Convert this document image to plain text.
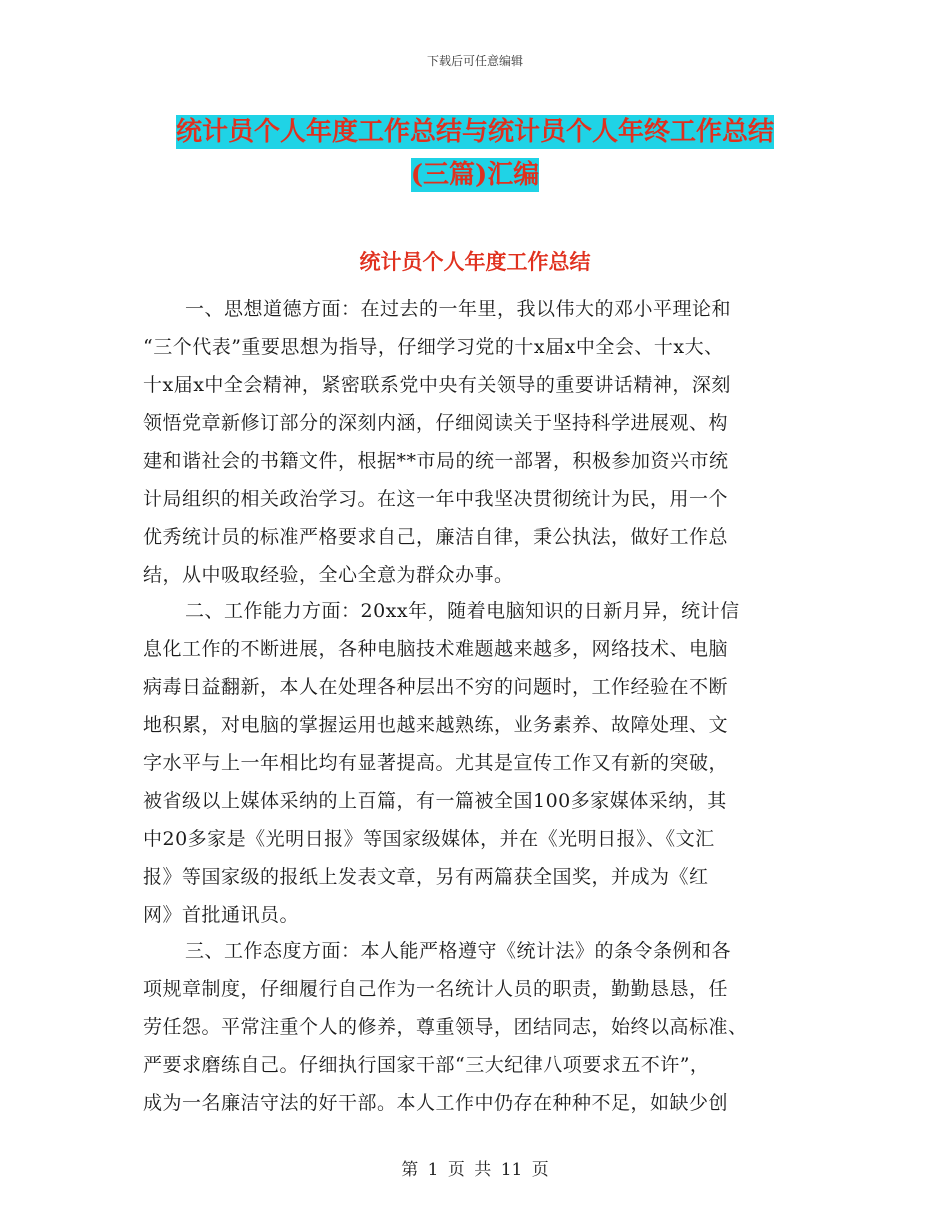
下载后可任意编辑
统计员个人年度工作总结与统计员个人年终工作总结
(三篇)汇编
统计员个人年度工作总结
一、思想道德方面：在过去的一年里，我以伟大的邓小平理论和
“三个代表”重要思想为指导，仔细学习党的十x届x中全会、十x大、
十x届x中全会精神，紧密联系党中央有关领导的重要讲话精神，深刻
领悟党章新修订部分的深刻内涵，仔细阅读关于坚持科学进展观、构
建和谐社会的书籍文件，根据**市局的统一部署，积极参加资兴市统
计局组织的相关政治学习。在这一年中我坚决贯彻统计为民，用一个
优秀统计员的标准严格要求自己，廉洁自律，秉公执法，做好工作总
结，从中吸取经验，全心全意为群众办事。
二、工作能力方面：20xx年，随着电脑知识的日新月异，统计信
息化工作的不断进展，各种电脑技术难题越来越多，网络技术、电脑
病毒日益翻新，本人在处理各种层出不穷的问题时，工作经验在不断
地积累，对电脑的掌握运用也越来越熟练，业务素养、故障处理、文
字水平与上一年相比均有显著提高。尤其是宣传工作又有新的突破，
被省级以上媒体采纳的上百篇，有一篇被全国100多家媒体采纳，其
中20多家是《光明日报》等国家级媒体，并在《光明日报》、《文汇
报》等国家级的报纸上发表文章，另有两篇获全国奖，并成为《红
网》首批通讯员。
三、工作态度方面：本人能严格遵守《统计法》的条令条例和各
项规章制度，仔细履行自己作为一名统计人员的职责，勤勤恳恳，任
劳任怨。平常注重个人的修养，尊重领导，团结同志，始终以高标准、
严要求磨练自己。仔细执行国家干部“三大纪律八项要求五不许”，
成为一名廉洁守法的好干部。本人工作中仍存在种种不足，如缺少创
第 1 页 共 11 页
